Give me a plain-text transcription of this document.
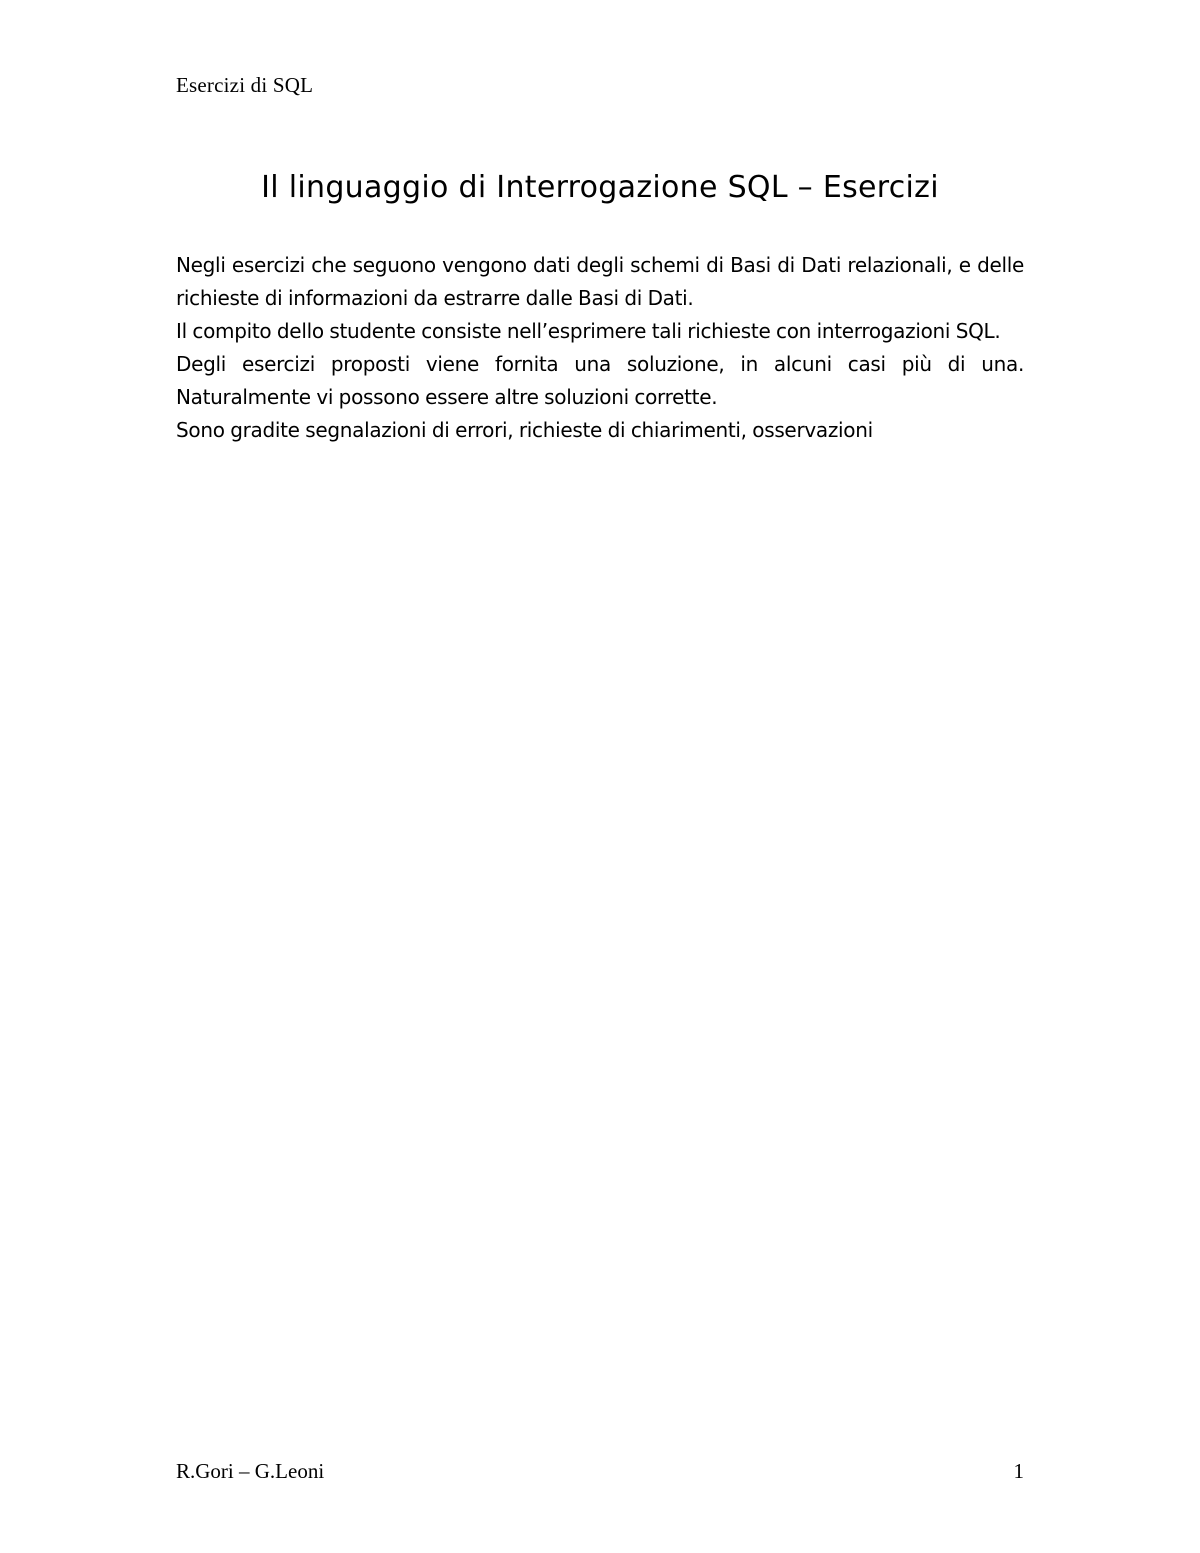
Esercizi di SQL
Il linguaggio di Interrogazione SQL – Esercizi

Negli esercizi che seguono vengono dati degli schemi di Basi di Dati relazionali, e delle richieste di informazioni da estrarre dalle Basi di Dati.

Il compito dello studente consiste nell’esprimere tali richieste con interrogazioni SQL.

Degli esercizi proposti viene fornita una soluzione, in alcuni casi più di una.

Naturalmente vi possono essere altre soluzioni corrette.

Sono gradite segnalazioni di errori, richieste di chiarimenti, osservazioni

R.Gori – G.Leoni	1
